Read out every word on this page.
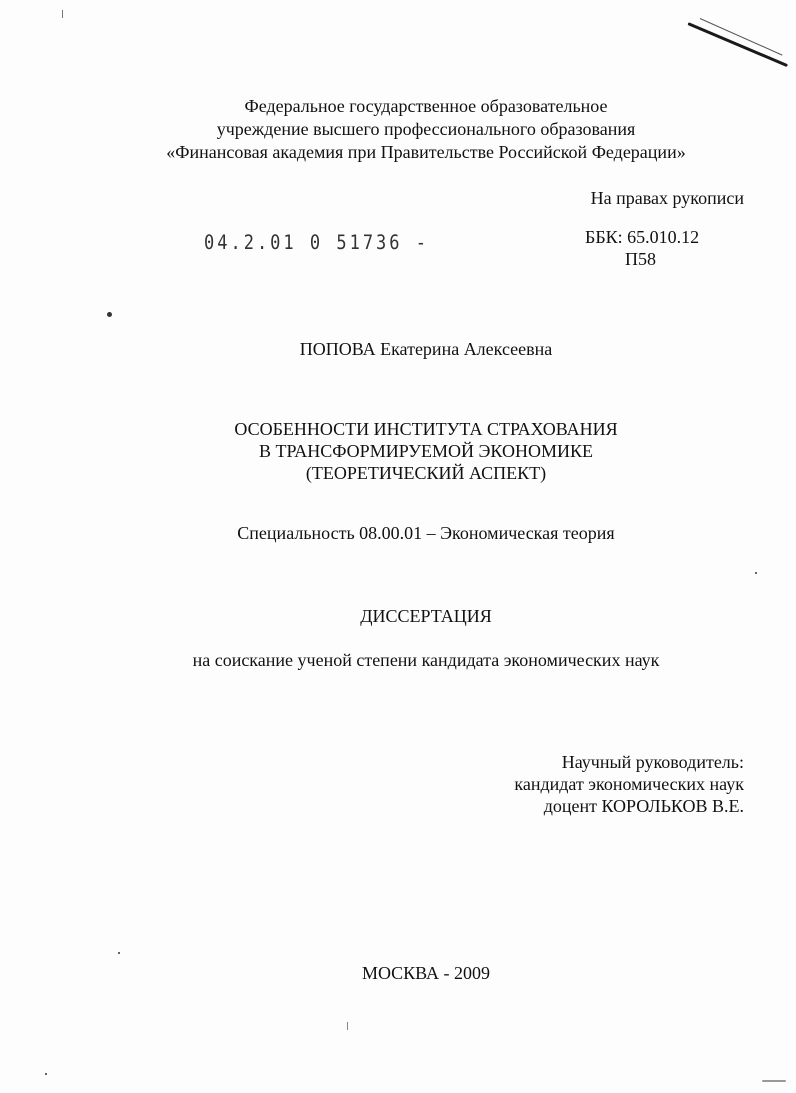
Федеральное государственное образовательное
учреждение высшего профессионального образования
«Финансовая академия при Правительстве Российской Федерации»
На правах рукописи
04.2.01 0 51736 -	ББК: 65.010.12
П58
ПОПОВА Екатерина Алексеевна
ОСОБЕННОСТИ ИНСТИТУТА СТРАХОВАНИЯ
В ТРАНСФОРМИРУЕМОЙ ЭКОНОМИКЕ
(ТЕОРЕТИЧЕСКИЙ АСПЕКТ)
Специальность 08.00.01 – Экономическая теория
ДИССЕРТАЦИЯ
на соискание ученой степени кандидата экономических наук
Научный руководитель:
кандидат экономических наук
доцент КОРОЛЬКОВ В.Е.
МОСКВА - 2009
